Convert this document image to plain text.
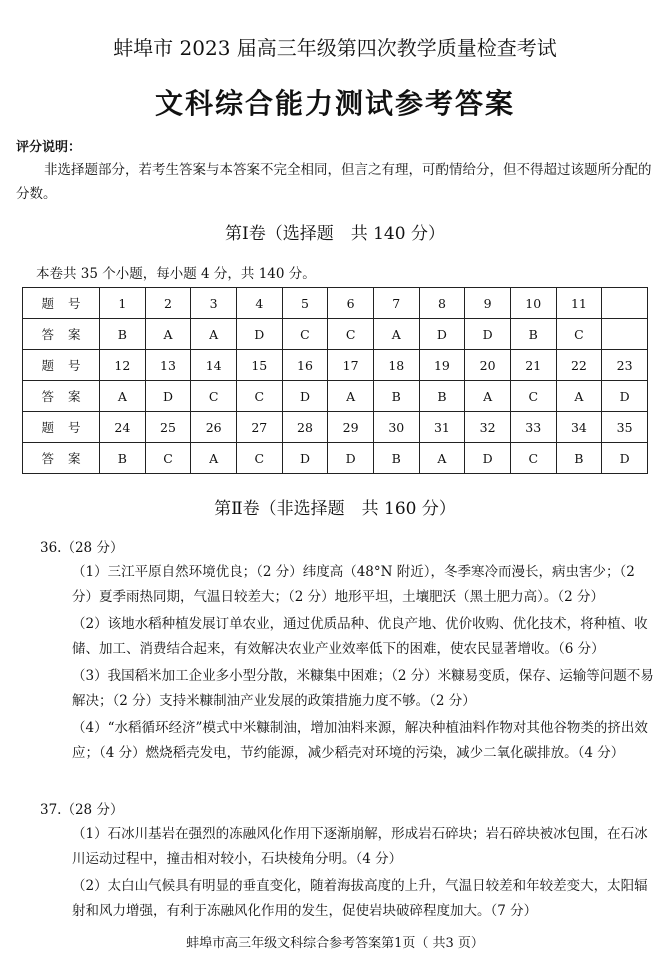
蚌埠市 2023 届高三年级第四次教学质量检查考试
文科综合能力测试参考答案
评分说明：
非选择题部分，若考生答案与本答案不完全相同，但言之有理，可酌情给分，但不得超过该题所分配的分数。
第Ⅰ卷（选择题　共 140 分）
本卷共 35 个小题，每小题 4 分，共 140 分。
题号	1	2	3	4	5	6	7	8	9	10	11	
答案	B	A	A	D	C	C	A	D	D	B	C	
题号	12	13	14	15	16	17	18	19	20	21	22	23
答案	A	D	C	C	D	A	B	B	A	C	A	D
题号	24	25	26	27	28	29	30	31	32	33	34	35
答案	B	C	A	C	D	D	B	A	D	C	B	D
第Ⅱ卷（非选择题　共 160 分）
36.（28 分）
（1）三江平原自然环境优良；（2 分）纬度高（48°N 附近），冬季寒冷而漫长，病虫害少；（2 分）夏季雨热同期，气温日较差大；（2 分）地形平坦，土壤肥沃（黑土肥力高）。（2 分）
（2）该地水稻种植发展订单农业，通过优质品种、优良产地、优价收购、优化技术，将种植、收储、加工、消费结合起来，有效解决农业产业效率低下的困难，使农民显著增收。（6 分）
（3）我国稻米加工企业多小型分散，米糠集中困难；（2 分）米糠易变质，保存、运输等问题不易解决；（2 分）支持米糠制油产业发展的政策措施力度不够。（2 分）
（4）“水稻循环经济”模式中米糠制油，增加油料来源，解决种植油料作物对其他谷物类的挤出效应；（4 分）燃烧稻壳发电，节约能源，减少稻壳对环境的污染，减少二氧化碳排放。（4 分）
37.（28 分）
（1）石冰川基岩在强烈的冻融风化作用下逐渐崩解，形成岩石碎块；岩石碎块被冰包围，在石冰川运动过程中，撞击相对较小，石块棱角分明。（4 分）
（2）太白山气候具有明显的垂直变化，随着海拔高度的上升，气温日较差和年较差变大，太阳辐射和风力增强，有利于冻融风化作用的发生，促使岩块破碎程度加大。（7 分）
蚌埠市高三年级文科综合参考答案第1页（ 共3 页）
